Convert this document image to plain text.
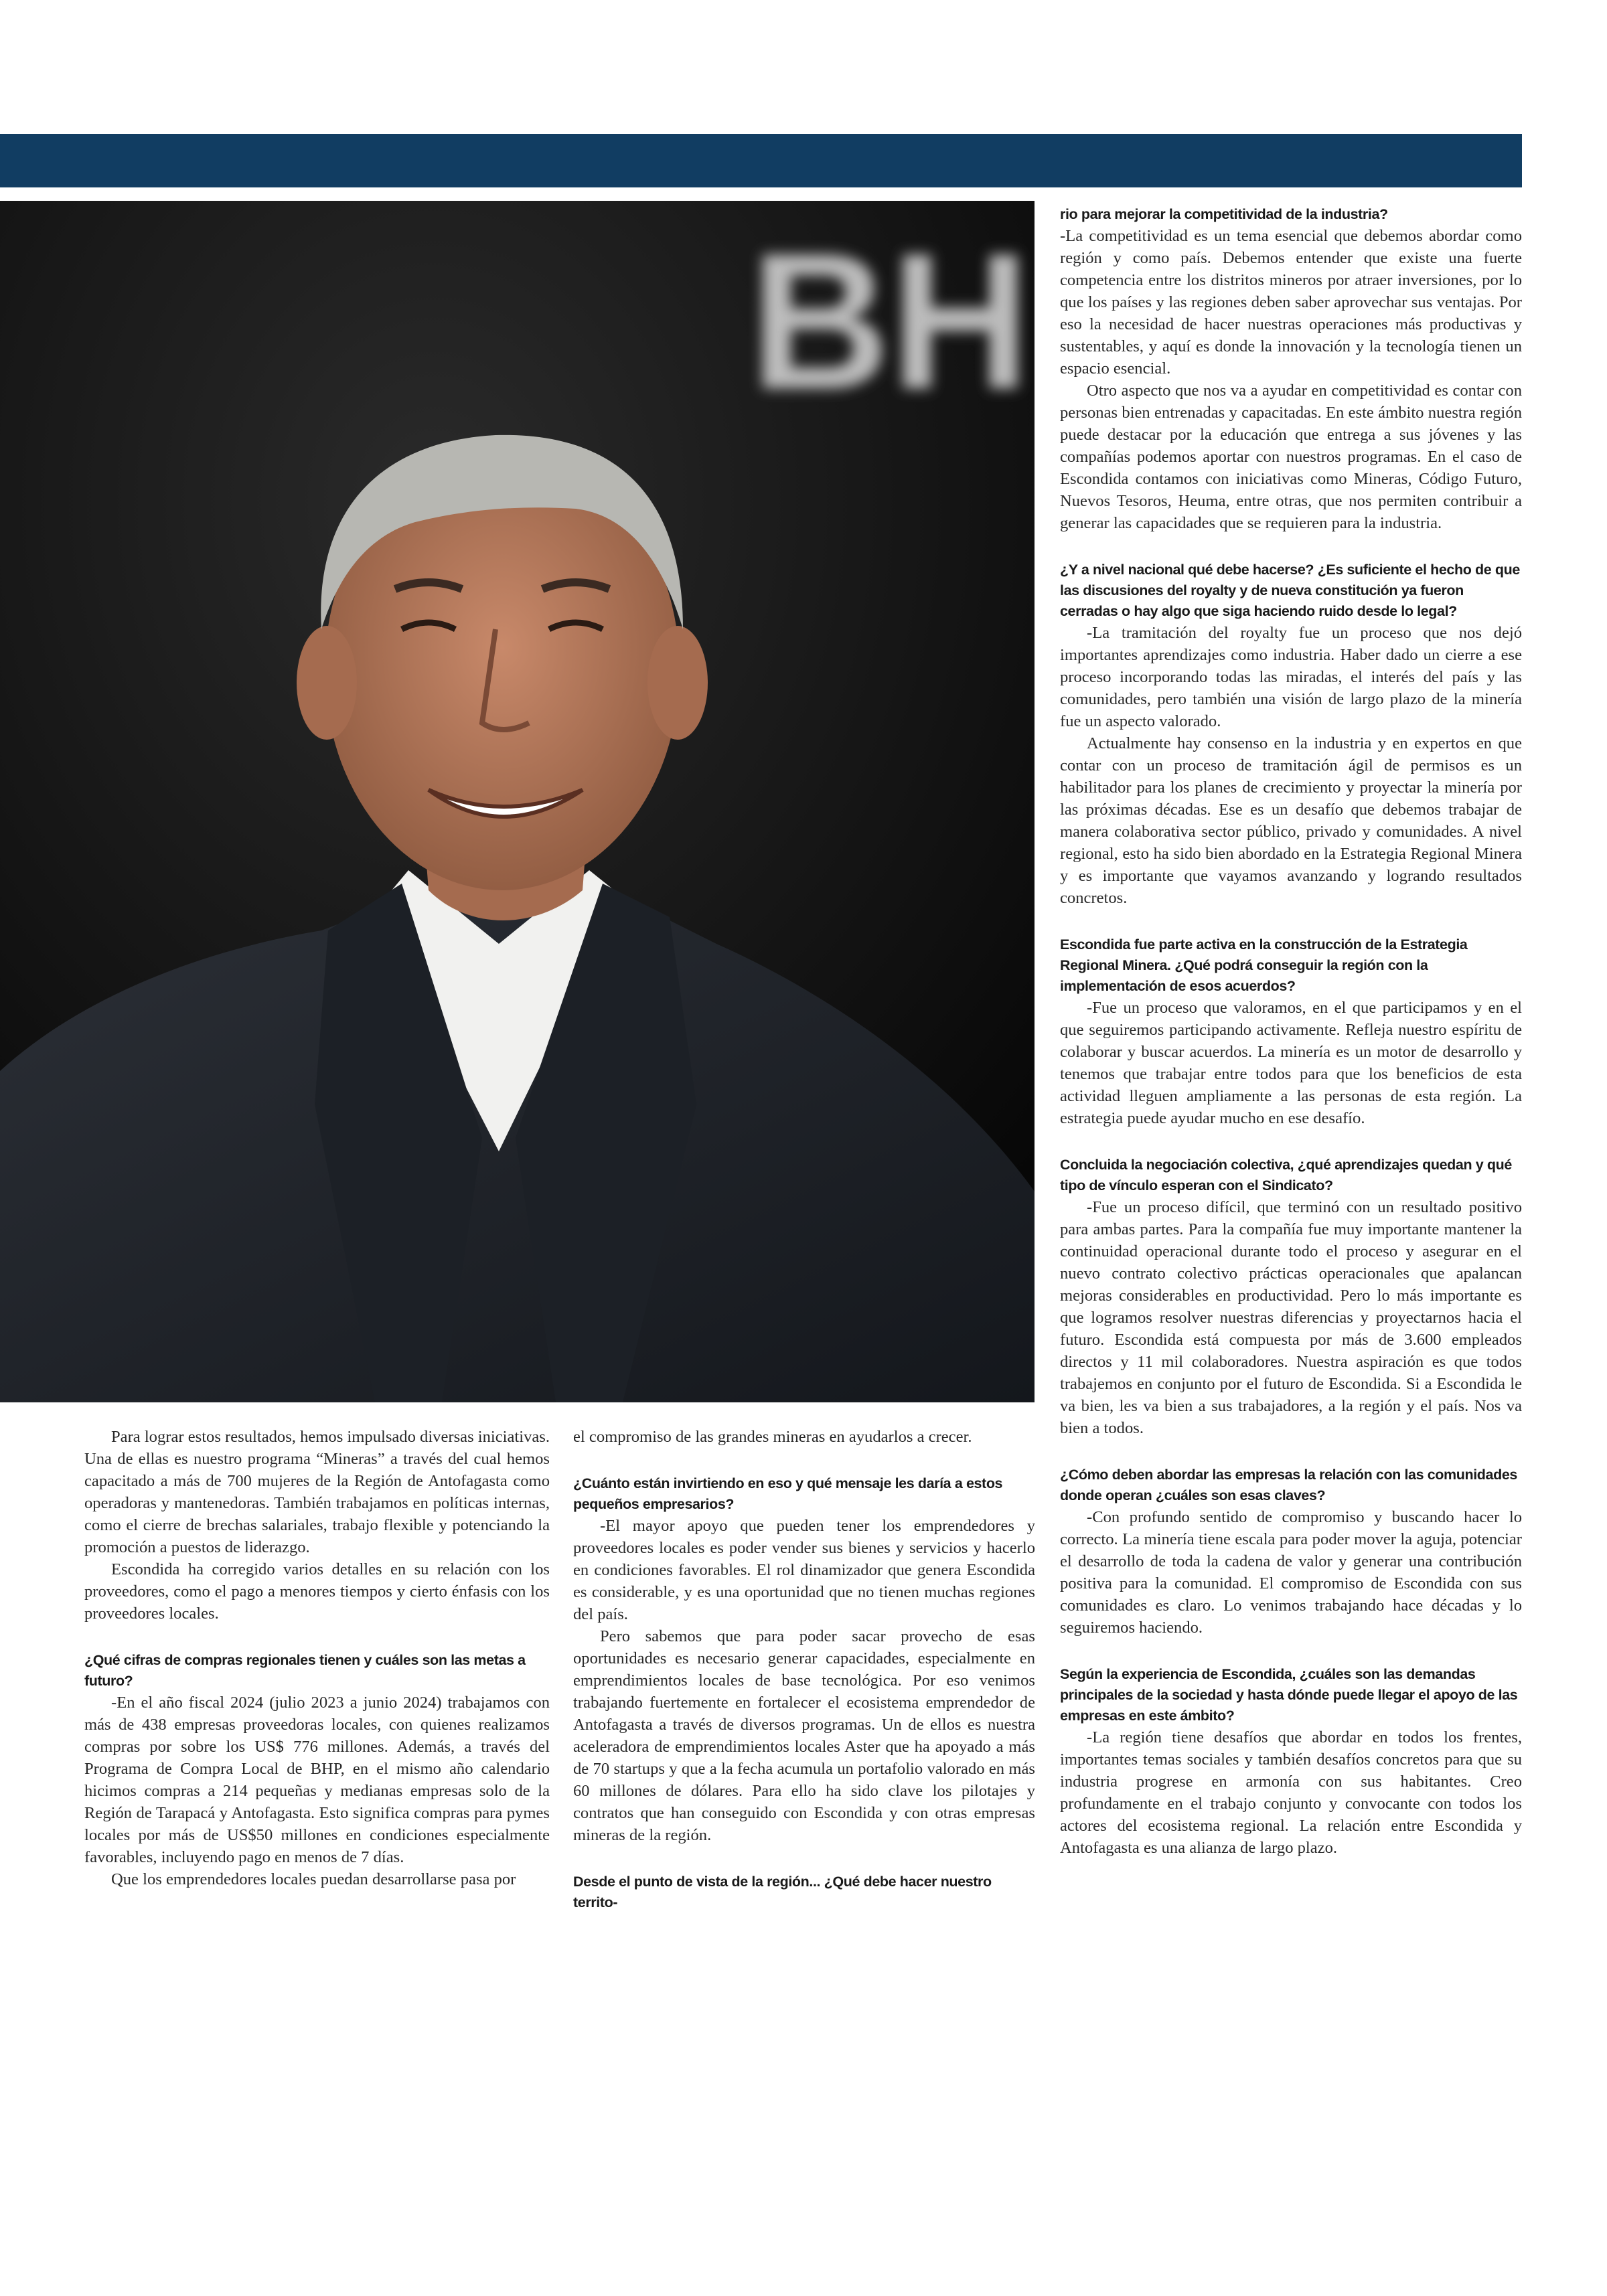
BH rio para mejorar la competitividad de la industria?

-La competitividad es un tema esencial que debemos abordar como región y como país. Debemos entender que existe una fuerte competencia entre los distritos mineros por atraer inversiones, por lo que los países y las regiones deben saber aprovechar sus ventajas. Por eso la necesidad de hacer nuestras operaciones más productivas y sustentables, y aquí es donde la innovación y la tecnología tienen un espacio esencial.

Otro aspecto que nos va a ayudar en competitividad es contar con personas bien entrenadas y capacitadas. En este ámbito nuestra región puede destacar por la educación que entrega a sus jóvenes y las compañías podemos aportar con nuestros programas. En el caso de Escondida contamos con iniciativas como Mineras, Código Futuro, Nuevos Tesoros, Heuma, entre otras, que nos permiten contribuir a generar las capacidades que se requieren para la industria.

¿Y a nivel nacional qué debe hacerse? ¿Es suficiente el hecho de que las discusiones del royalty y de nueva constitución ya fueron cerradas o hay algo que siga haciendo ruido desde lo legal?

-La tramitación del royalty fue un proceso que nos dejó importantes aprendizajes como industria. Haber dado un cierre a ese proceso incorporando todas las miradas, el interés del país y las comunidades, pero también una visión de largo plazo de la minería fue un aspecto valorado.

Actualmente hay consenso en la industria y en expertos en que contar con un proceso de tramitación ágil de permisos es un habilitador para los planes de crecimiento y proyectar la minería por las próximas décadas. Ese es un desafío que debemos trabajar de manera colaborativa sector público, privado y comunidades. A nivel regional, esto ha sido bien abordado en la Estrategia Regional Minera y es importante que vayamos avanzando y logrando resultados concretos.

Escondida fue parte activa en la construcción de la Estrategia Regional Minera. ¿Qué podrá conseguir la región con la implementación de esos acuerdos?

-Fue un proceso que valoramos, en el que participamos y en el que seguiremos participando activamente. Refleja nuestro espíritu de colaborar y buscar acuerdos. La minería es un motor de desarrollo y tenemos que trabajar entre todos para que los beneficios de esta actividad lleguen ampliamente a las personas de esta región. La estrategia puede ayudar mucho en ese desafío.

Concluida la negociación colectiva, ¿qué aprendizajes quedan y qué tipo de vínculo esperan con el Sindicato?

-Fue un proceso difícil, que terminó con un resultado positivo para ambas partes. Para la compañía fue muy importante mantener la continuidad operacional durante todo el proceso y asegurar en el nuevo contrato colectivo prácticas operacionales que apalancan mejoras considerables en productividad. Pero lo más importante es que logramos resolver nuestras diferencias y proyectarnos hacia el futuro. Escondida está compuesta por más de 3.600 empleados directos y 11 mil colaboradores. Nuestra aspiración es que todos trabajemos en conjunto por el futuro de Escondida. Si a Escondida le va bien, les va bien a sus trabajadores, a la región y el país. Nos va bien a todos.

¿Cómo deben abordar las empresas la relación con las comunidades donde operan ¿cuáles son esas claves?

-Con profundo sentido de compromiso y buscando hacer lo correcto. La minería tiene escala para poder mover la aguja, potenciar el desarrollo de toda la cadena de valor y generar una contribución positiva para la comunidad. El compromiso de Escondida con sus comunidades es claro. Lo venimos trabajando hace décadas y lo seguiremos haciendo.

Según la experiencia de Escondida, ¿cuáles son las demandas principales de la sociedad y hasta dónde puede llegar el apoyo de las empresas en este ámbito?

-La región tiene desafíos que abordar en todos los frentes, importantes temas sociales y también desafíos concretos para que su industria progrese en armonía con sus habitantes. Creo profundamente en el trabajo conjunto y convocante con todos los actores del ecosistema regional. La relación entre Escondida y Antofagasta es una alianza de largo plazo.

Para lograr estos resultados, hemos impulsado diversas iniciativas. Una de ellas es nuestro programa “Mineras” a través del cual hemos capacitado a más de 700 mujeres de la Región de Antofagasta como operadoras y mantenedoras. También trabajamos en políticas internas, como el cierre de brechas salariales, trabajo flexible y potenciando la promoción a puestos de liderazgo.

Escondida ha corregido varios detalles en su relación con los proveedores, como el pago a menores tiempos y cierto énfasis con los proveedores locales.

¿Qué cifras de compras regionales tienen y cuáles son las metas a futuro?

-En el año fiscal 2024 (julio 2023 a junio 2024) trabajamos con más de 438 empresas proveedoras locales, con quienes realizamos compras por sobre los US$ 776 millones. Además, a través del Programa de Compra Local de BHP, en el mismo año calendario hicimos compras a 214 pequeñas y medianas empresas solo de la Región de Tarapacá y Antofagasta. Esto significa compras para pymes locales por más de US$50 millones en condiciones especialmente favorables, incluyendo pago en menos de 7 días.

Que los emprendedores locales puedan desarrollarse pasa por

el compromiso de las grandes mineras en ayudarlos a crecer.

¿Cuánto están invirtiendo en eso y qué mensaje les daría a estos pequeños empresarios?

-El mayor apoyo que pueden tener los emprendedores y proveedores locales es poder vender sus bienes y servicios y hacerlo en condiciones favorables. El rol dinamizador que genera Escondida es considerable, y es una oportunidad que no tienen muchas regiones del país.

Pero sabemos que para poder sacar provecho de esas oportunidades es necesario generar capacidades, especialmente en emprendimientos locales de base tecnológica. Por eso venimos trabajando fuertemente en fortalecer el ecosistema emprendedor de Antofagasta a través de diversos programas. Un de ellos es nuestra aceleradora de emprendimientos locales Aster que ha apoyado a más de 70 startups y que a la fecha acumula un portafolio valorado en más 60 millones de dólares. Para ello ha sido clave los pilotajes y contratos que han conseguido con Escondida y con otras empresas mineras de la región.

Desde el punto de vista de la región... ¿Qué debe hacer nuestro territo-
